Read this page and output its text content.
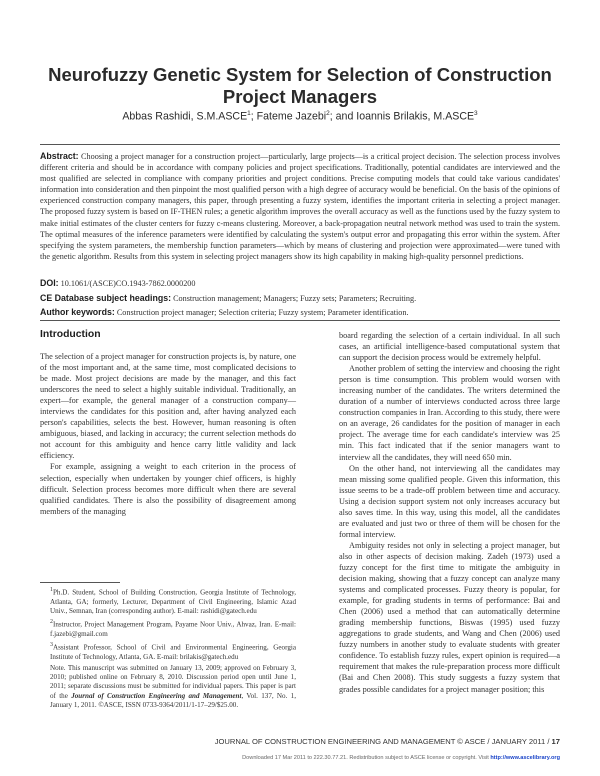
Neurofuzzy Genetic System for Selection of Construction Project Managers
Abbas Rashidi, S.M.ASCE$^1$; Fateme Jazebi$^2$; and Ioannis Brilakis, M.ASCE$^3$
Abstract: Choosing a project manager for a construction project—particularly, large projects—is a critical project decision. The selection process involves different criteria and should be in accordance with company policies and project specifications. Traditionally, potential candidates are interviewed and the most qualified are selected in compliance with company priorities and project conditions. Precise computing models that could take various candidates' information into consideration and then pinpoint the most qualified person with a high degree of accuracy would be beneficial. On the basis of the opinions of experienced construction company managers, this paper, through presenting a fuzzy system, identifies the important criteria in selecting a project manager. The proposed fuzzy system is based on IF-THEN rules; a genetic algorithm improves the overall accuracy as well as the functions used by the fuzzy system to make initial estimates of the cluster centers for fuzzy c-means clustering. Moreover, a back-propagation neutral network method was used to train the system. The optimal measures of the inference parameters were identified by calculating the system's output error and propagating this error within the system. After specifying the system parameters, the membership function parameters—which by means of clustering and projection were approximated—were tuned with the genetic algorithm. Results from this system in selecting project managers show its high capability in making high-quality personnel predictions.
DOI: 10.1061/(ASCE)CO.1943-7862.0000200
CE Database subject headings: Construction management; Managers; Fuzzy sets; Parameters; Recruiting.
Author keywords: Construction project manager; Selection criteria; Fuzzy system; Parameter identification.
Introduction

The selection of a project manager for construction projects is, by nature, one of the most important and, at the same time, most complicated decisions to be made. Most project decisions are made by the manager, and this fact underscores the need to select a highly suitable individual. Traditionally, an expert—for example, the general manager of a construction company—interviews the candidates for this position and, after having analyzed each person's capabilities, selects the best. However, human reasoning is often ambiguous, biased, and lacking in accuracy; the current selection methods do not account for this ambiguity and hence carry little validity and lack efficiency.

For example, assigning a weight to each criterion in the process of selection, especially when undertaken by younger chief officers, is highly difficult. Selection process becomes more difficult when there are several qualified candidates. There is also the possibility of disagreement among members of the managing

board regarding the selection of a certain individual. In all such cases, an artificial intelligence-based computational system that can support the decision process would be extremely helpful.

Another problem of setting the interview and choosing the right person is time consumption. This problem would worsen with increasing number of the candidates. The writers determined the duration of a number of interviews conducted across three large construction companies in Iran. According to this study, there were on an average, 26 candidates for the position of manager in each project. The average time for each candidate's interview was 25 min. This fact indicated that if the senior managers want to interview all the candidates, they will need 650 min.

On the other hand, not interviewing all the candidates may mean missing some qualified people. Given this information, this issue seems to be a trade-off problem between time and accuracy. Using a decision support system not only increases accuracy but also saves time. In this way, using this model, all the candidates are evaluated and just two or three of them will be chosen for the formal interview.

Ambiguity resides not only in selecting a project manager, but also in other aspects of decision making. Zadeh (1973) used a fuzzy concept for the first time to mitigate the ambiguity in decision making, showing that a fuzzy concept can analyze many systems and complicated processes. Fuzzy theory is popular, for example, for grading students in terms of performance: Bai and Chen (2006) used a method that can automatically determine grading membership functions, Biswas (1995) used fuzzy aggregations to grade students, and Wang and Chen (2006) used fuzzy numbers in another study to evaluate students with greater confidence. To establish fuzzy rules, expert opinion is required—a requirement that makes the rule-preparation process more difficult (Bai and Chen 2008). This study suggests a fuzzy system that grades possible candidates for a project manager position; this

$^1$Ph.D. Student, School of Building Construction, Georgia Institute of Technology, Atlanta, GA; formerly, Lecturer, Department of Civil Engineering, Islamic Azad Univ., Semnan, Iran (corresponding author). E-mail: rashidi@gatech.edu

$^2$Instructor, Project Management Program, Payame Noor Univ., Ahvaz, Iran. E-mail: f.jazebi@gmail.com

$^3$Assistant Professor, School of Civil and Environmental Engineering, Georgia Institute of Technology, Atlanta, GA. E-mail: brilakis@gatech.edu

Note. This manuscript was submitted on January 13, 2009; approved on February 3, 2010; published online on February 8, 2010. Discussion period open until June 1, 2011; separate discussions must be submitted for individual papers. This paper is part of the Journal of Construction Engineering and Management, Vol. 137, No. 1, January 1, 2011. ©ASCE, ISSN 0733-9364/2011/1-17–29/$25.00.

JOURNAL OF CONSTRUCTION ENGINEERING AND MANAGEMENT © ASCE / JANUARY 2011 / 17
Downloaded 17 Mar 2011 to 222.30.77.21. Redistribution subject to ASCE license or copyright. Visit http://www.ascelibrary.org
